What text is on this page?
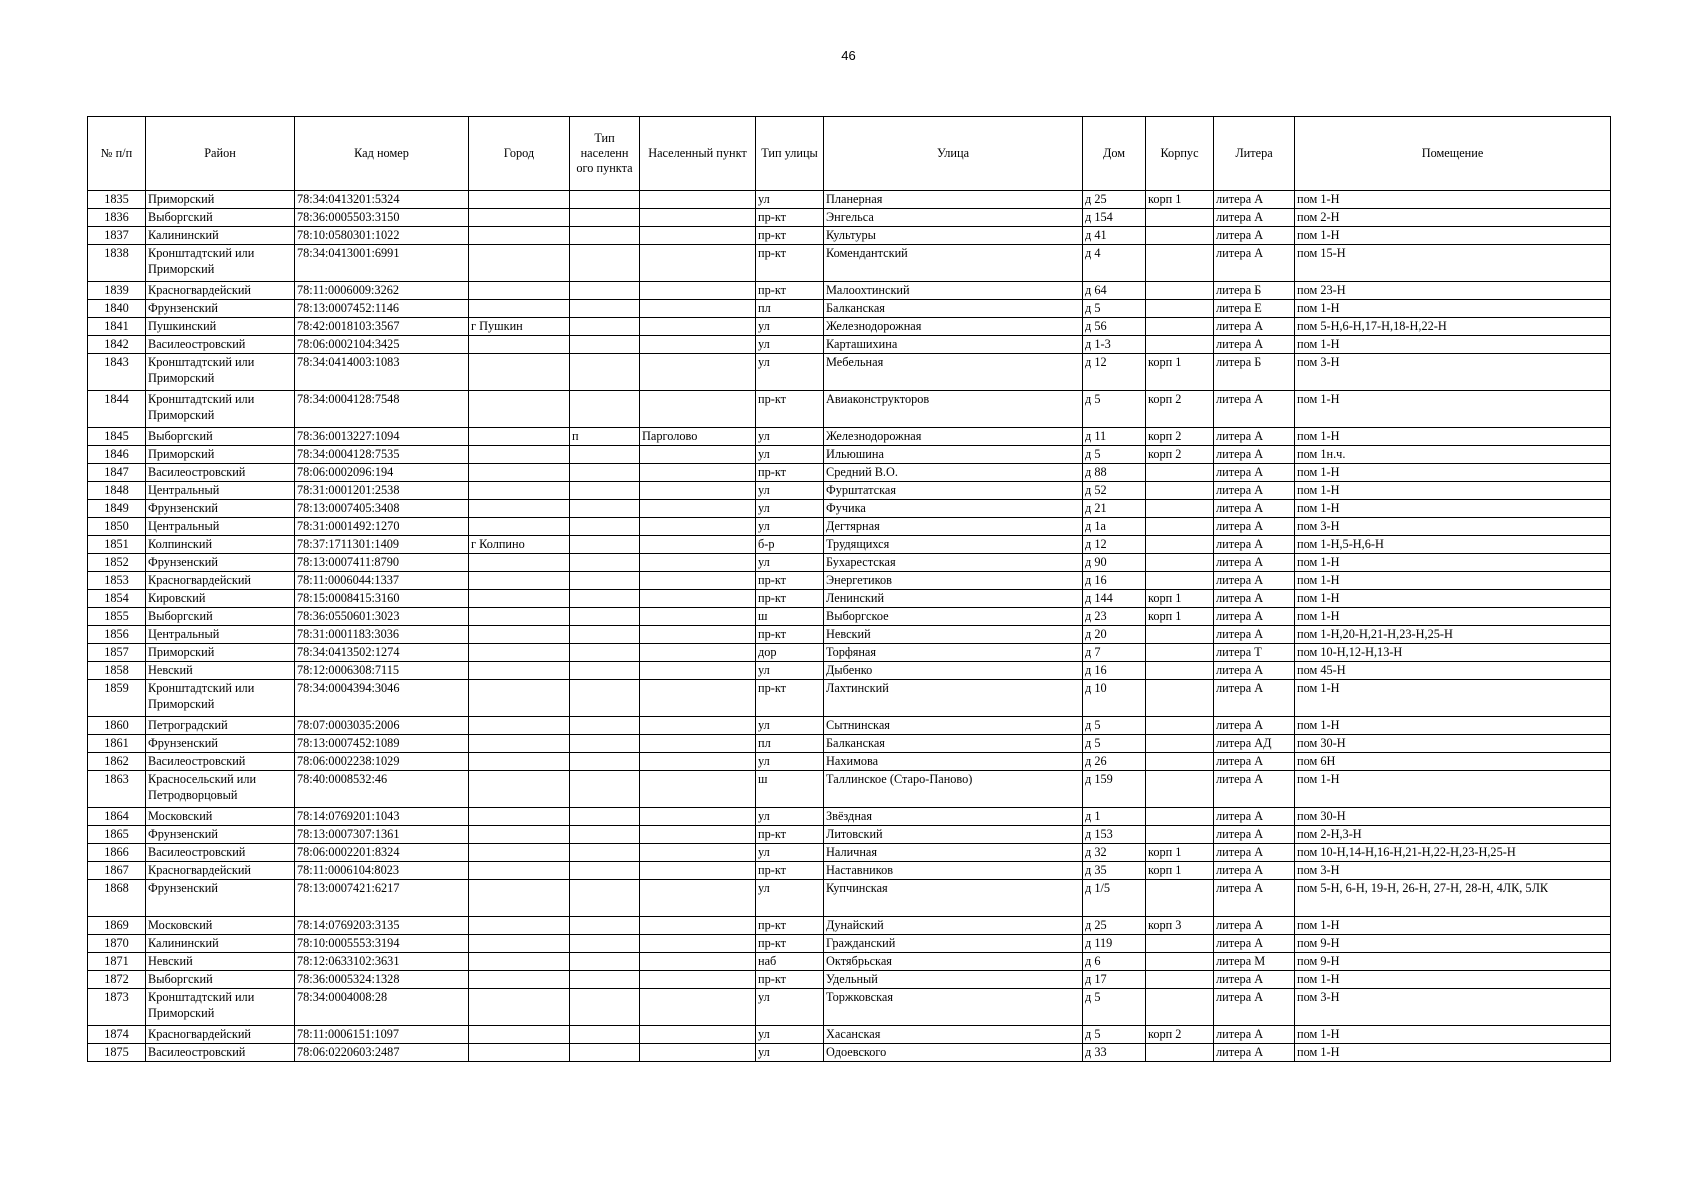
46
№ п/п	Район	Кад номер	Город	Тип населенн ого пункта	Населенный пункт	Тип улицы	Улица	Дом	Корпус	Литера	Помещение
1835	Приморский	78:34:0413201:5324				ул	Планерная	д 25	корп 1	литера А	пом 1-Н
1836	Выборгский	78:36:0005503:3150				пр-кт	Энгельса	д 154		литера А	пом 2-Н
1837	Калининский	78:10:0580301:1022				пр-кт	Культуры	д 41		литера А	пом 1-Н
1838	Кронштадтский или Приморский	78:34:0413001:6991				пр-кт	Комендантский	д 4		литера А	пом 15-Н
1839	Красногвардейский	78:11:0006009:3262				пр-кт	Малоохтинский	д 64		литера Б	пом 23-Н
1840	Фрунзенский	78:13:0007452:1146				пл	Балканская	д 5		литера Е	пом 1-Н
1841	Пушкинский	78:42:0018103:3567	г Пушкин			ул	Железнодорожная	д 56		литера А	пом 5-Н,6-Н,17-Н,18-Н,22-Н
1842	Василеостровский	78:06:0002104:3425				ул	Карташихина	д 1-3		литера А	пом 1-Н
1843	Кронштадтский или Приморский	78:34:0414003:1083				ул	Мебельная	д 12	корп 1	литера Б	пом 3-Н
1844	Кронштадтский или Приморский	78:34:0004128:7548				пр-кт	Авиаконструкторов	д 5	корп 2	литера А	пом 1-Н
1845	Выборгский	78:36:0013227:1094		п	Парголово	ул	Железнодорожная	д 11	корп 2	литера А	пом 1-Н
1846	Приморский	78:34:0004128:7535				ул	Ильюшина	д 5	корп 2	литера А	пом 1н.ч.
1847	Василеостровский	78:06:0002096:194				пр-кт	Средний В.О.	д 88		литера А	пом 1-Н
1848	Центральный	78:31:0001201:2538				ул	Фурштатская	д 52		литера А	пом 1-Н
1849	Фрунзенский	78:13:0007405:3408				ул	Фучика	д 21		литера А	пом 1-Н
1850	Центральный	78:31:0001492:1270				ул	Дегтярная	д 1а		литера А	пом 3-Н
1851	Колпинский	78:37:1711301:1409	г Колпино			б-р	Трудящихся	д 12		литера А	пом 1-Н,5-Н,6-Н
1852	Фрунзенский	78:13:0007411:8790				ул	Бухарестская	д 90		литера А	пом 1-Н
1853	Красногвардейский	78:11:0006044:1337				пр-кт	Энергетиков	д 16		литера А	пом 1-Н
1854	Кировский	78:15:0008415:3160				пр-кт	Ленинский	д 144	корп 1	литера А	пом 1-Н
1855	Выборгский	78:36:0550601:3023				ш	Выборгское	д 23	корп 1	литера А	пом 1-Н
1856	Центральный	78:31:0001183:3036				пр-кт	Невский	д 20		литера А	пом 1-Н,20-Н,21-Н,23-Н,25-Н
1857	Приморский	78:34:0413502:1274				дор	Торфяная	д 7		литера Т	пом 10-Н,12-Н,13-Н
1858	Невский	78:12:0006308:7115				ул	Дыбенко	д 16		литера А	пом 45-Н
1859	Кронштадтский или Приморский	78:34:0004394:3046				пр-кт	Лахтинский	д 10		литера А	пом 1-Н
1860	Петроградский	78:07:0003035:2006				ул	Сытнинская	д 5		литера А	пом 1-Н
1861	Фрунзенский	78:13:0007452:1089				пл	Балканская	д 5		литера АД	пом 30-Н
1862	Василеостровский	78:06:0002238:1029				ул	Нахимова	д 26		литера А	пом 6Н
1863	Красносельский или Петродворцовый	78:40:0008532:46				ш	Таллинское (Старо-Паново)	д 159		литера А	пом 1-Н
1864	Московский	78:14:0769201:1043				ул	Звёздная	д 1		литера А	пом 30-Н
1865	Фрунзенский	78:13:0007307:1361				пр-кт	Литовский	д 153		литера А	пом 2-Н,3-Н
1866	Василеостровский	78:06:0002201:8324				ул	Наличная	д 32	корп 1	литера А	пом 10-Н,14-Н,16-Н,21-Н,22-Н,23-Н,25-Н
1867	Красногвардейский	78:11:0006104:8023				пр-кт	Наставников	д 35	корп 1	литера А	пом 3-Н
1868	Фрунзенский	78:13:0007421:6217				ул	Купчинская	д 1/5		литера А	пом 5-Н, 6-Н, 19-Н, 26-Н, 27-Н, 28-Н, 4ЛК, 5ЛК
1869	Московский	78:14:0769203:3135				пр-кт	Дунайский	д 25	корп 3	литера А	пом 1-Н
1870	Калининский	78:10:0005553:3194				пр-кт	Гражданский	д 119		литера А	пом 9-Н
1871	Невский	78:12:0633102:3631				наб	Октябрьская	д 6		литера М	пом 9-Н
1872	Выборгский	78:36:0005324:1328				пр-кт	Удельный	д 17		литера А	пом 1-Н
1873	Кронштадтский или Приморский	78:34:0004008:28				ул	Торжковская	д 5		литера А	пом 3-Н
1874	Красногвардейский	78:11:0006151:1097				ул	Хасанская	д 5	корп 2	литера А	пом 1-Н
1875	Василеостровский	78:06:0220603:2487				ул	Одоевского	д 33		литера А	пом 1-Н
